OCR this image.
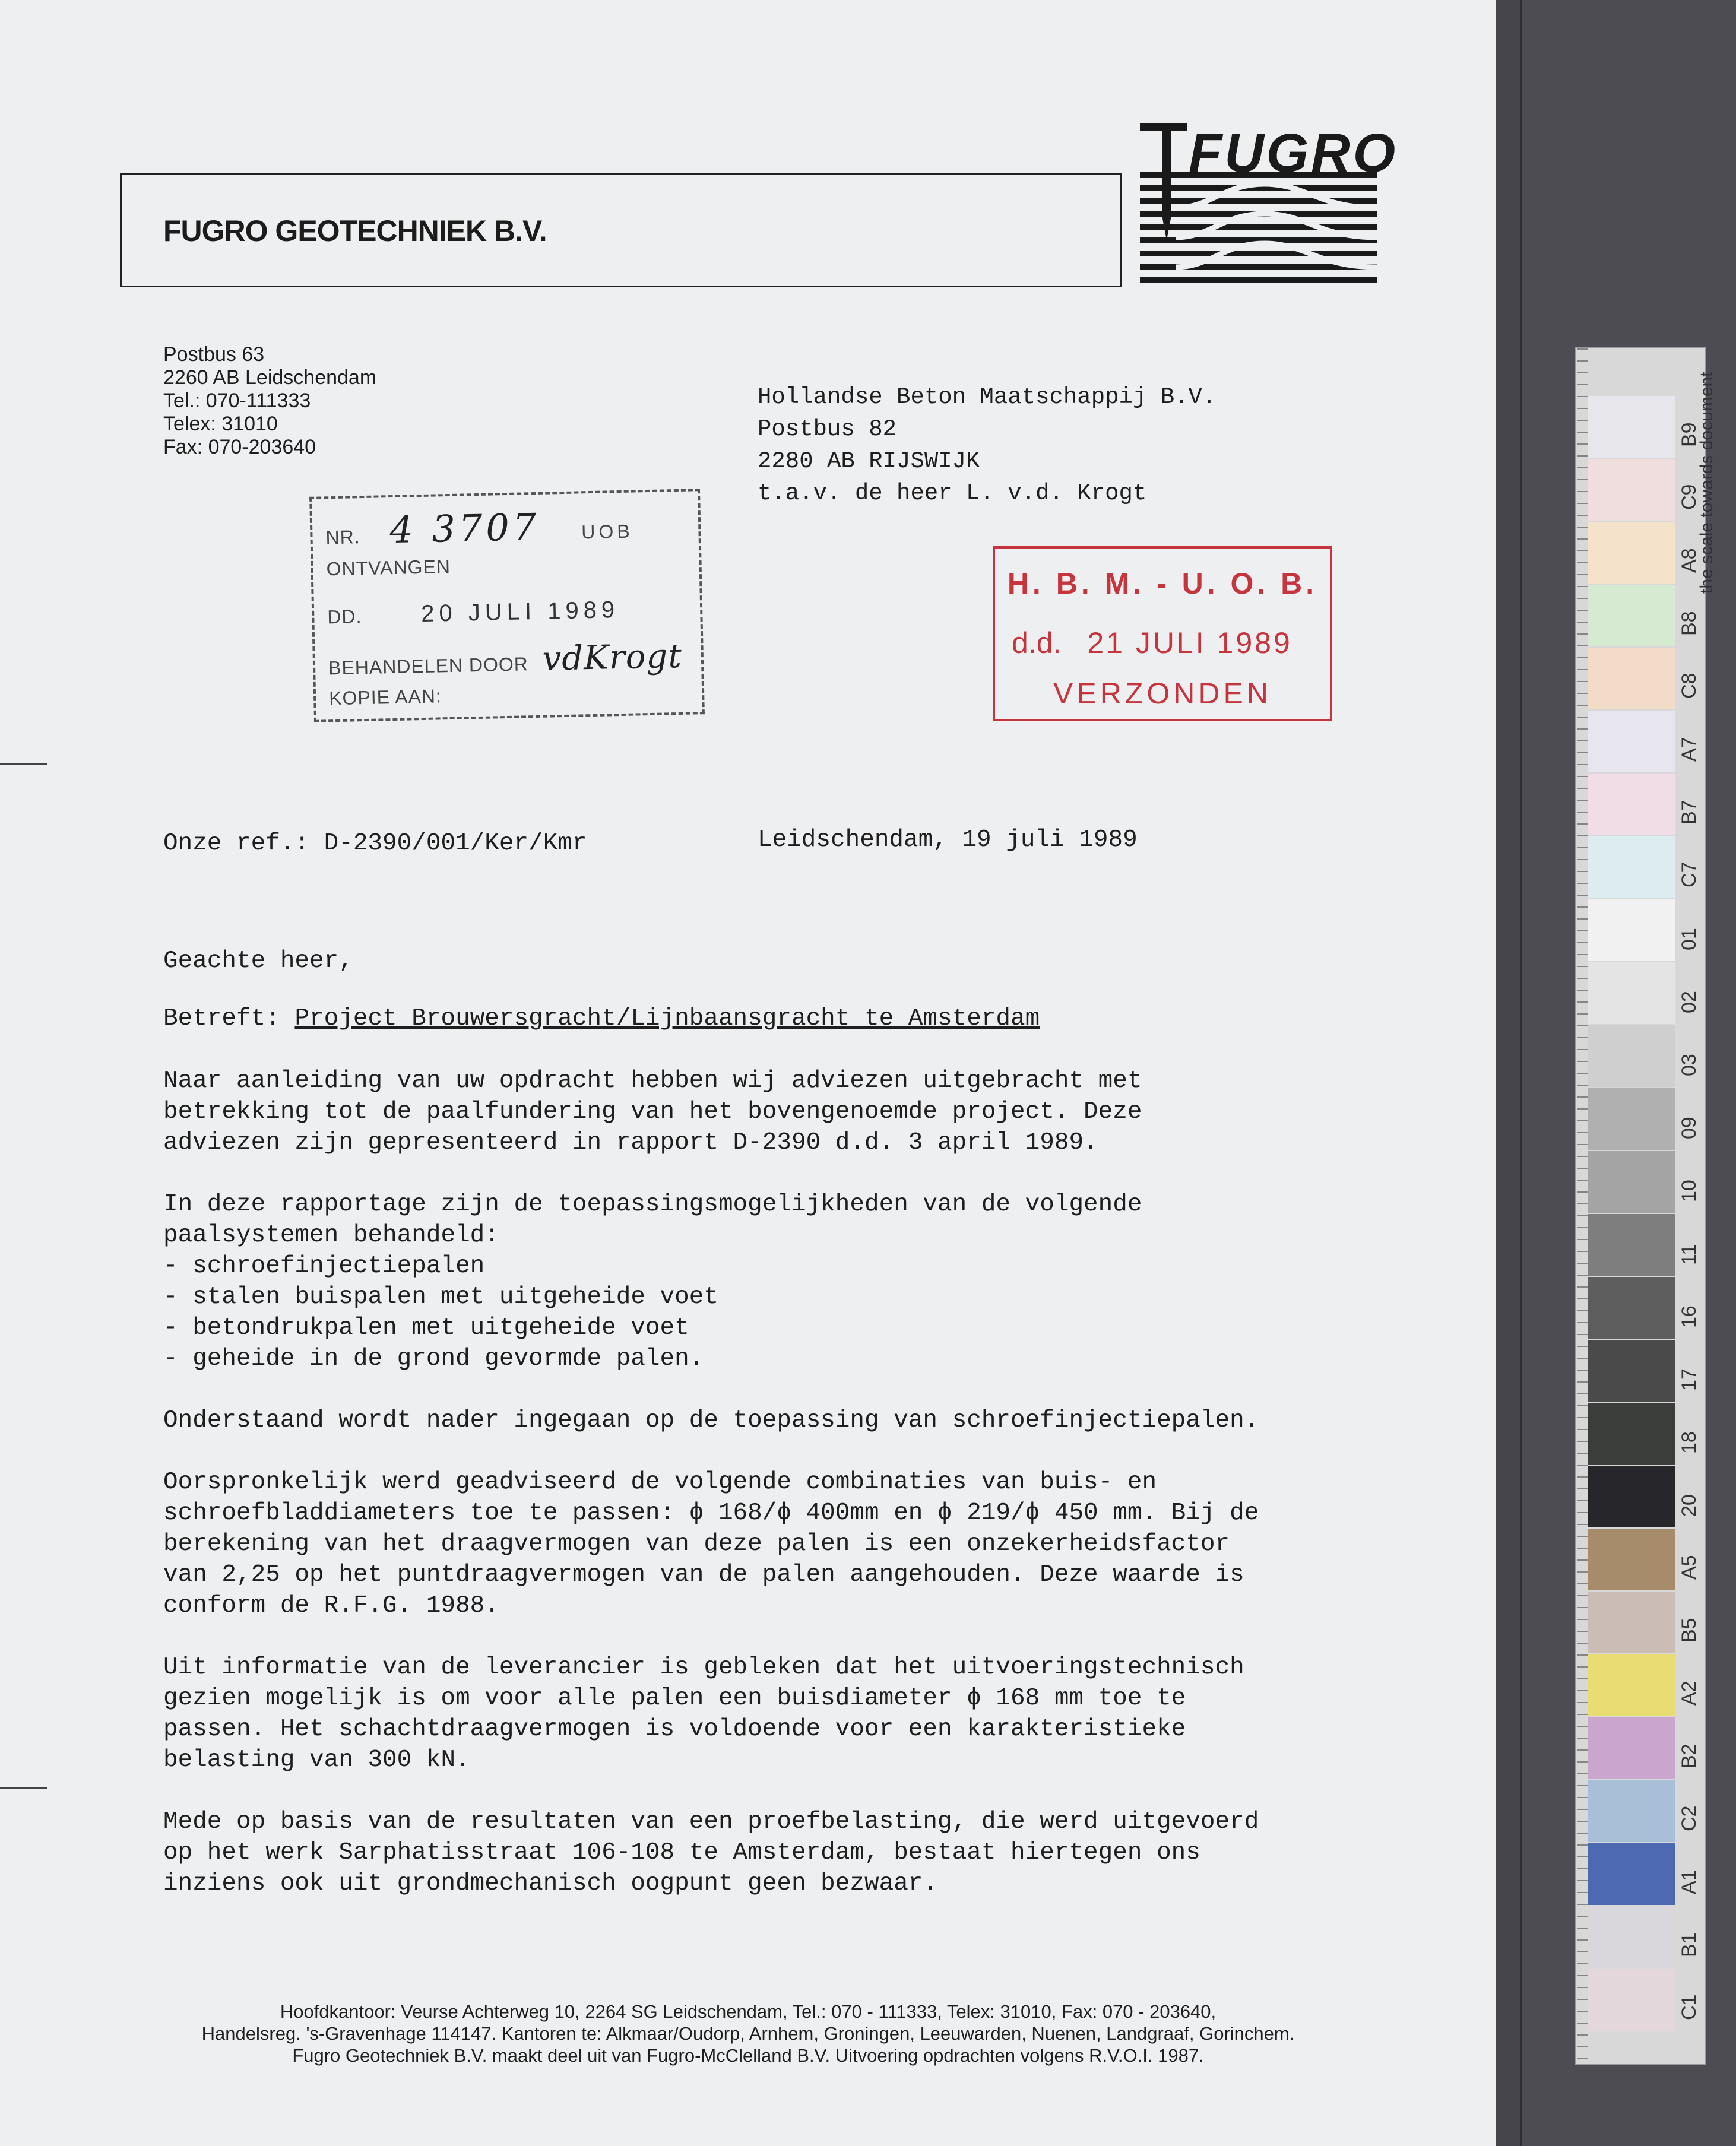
FUGRO GEOTECHNIEK B.V.
FUGRO
Postbus 63
2260 AB Leidschendam
Tel.: 070-111333
Telex: 31010
Fax: 070-203640
Hollandse Beton Maatschappij B.V.
Postbus 82
2280 AB RIJSWIJK
t.a.v. de heer L. v.d. Krogt
NR. 4 3707 UOB
ONTVANGEN
DD. 20 JULI 1989
BEHANDELEN DOOR vdKrogt
KOPIE AAN:
H. B. M. - U. O. B.
d.d. 21 JULI 1989
VERZONDEN
Onze ref.: D-2390/001/Ker/Kmr	Leidschendam, 19 juli 1989
Geachte heer,
Betreft: Project Brouwersgracht/Lijnbaansgracht te Amsterdam

Naar aanleiding van uw opdracht hebben wij adviezen uitgebracht met
betrekking tot de paalfundering van het bovengenoemde project. Deze
adviezen zijn gepresenteerd in rapport D-2390 d.d. 3 april 1989.

In deze rapportage zijn de toepassingsmogelijkheden van de volgende
paalsystemen behandeld:

- schroefinjectiepalen
- stalen buispalen met uitgeheide voet
- betondrukpalen met uitgeheide voet
- geheide in de grond gevormde palen.

Onderstaand wordt nader ingegaan op de toepassing van schroefinjectiepalen.

Oorspronkelijk werd geadviseerd de volgende combinaties van buis- en
schroefbladdiameters toe te passen: ϕ 168/ϕ 400mm en ϕ 219/ϕ 450 mm. Bij de
berekening van het draagvermogen van deze palen is een onzekerheidsfactor
van 2,25 op het puntdraagvermogen van de palen aangehouden. Deze waarde is
conform de R.F.G. 1988.

Uit informatie van de leverancier is gebleken dat het uitvoeringstechnisch
gezien mogelijk is om voor alle palen een buisdiameter ϕ 168 mm toe te
passen. Het schachtdraagvermogen is voldoende voor een karakteristieke
belasting van 300 kN.

Mede op basis van de resultaten van een proefbelasting, die werd uitgevoerd
op het werk Sarphatisstraat 106-108 te Amsterdam, bestaat hiertegen ons
inziens ook uit grondmechanisch oogpunt geen bezwaar.

Hoofdkantoor: Veurse Achterweg 10, 2264 SG Leidschendam, Tel.: 070 - 111333, Telex: 31010, Fax: 070 - 203640,
Handelsreg. 's-Gravenhage 114147. Kantoren te: Alkmaar/Oudorp, Arnhem, Groningen, Leeuwarden, Nuenen, Landgraaf, Gorinchem.
Fugro Geotechniek B.V. maakt deel uit van Fugro-McClelland B.V. Uitvoering opdrachten volgens R.V.O.I. 1987.
B9
C9
A8
B8
C8
A7
B7
C7
01
02
03
09
10
11
16
17
18
20
A5
B5
A2
B2
C2
A1
B1
C1
the scale towards document
